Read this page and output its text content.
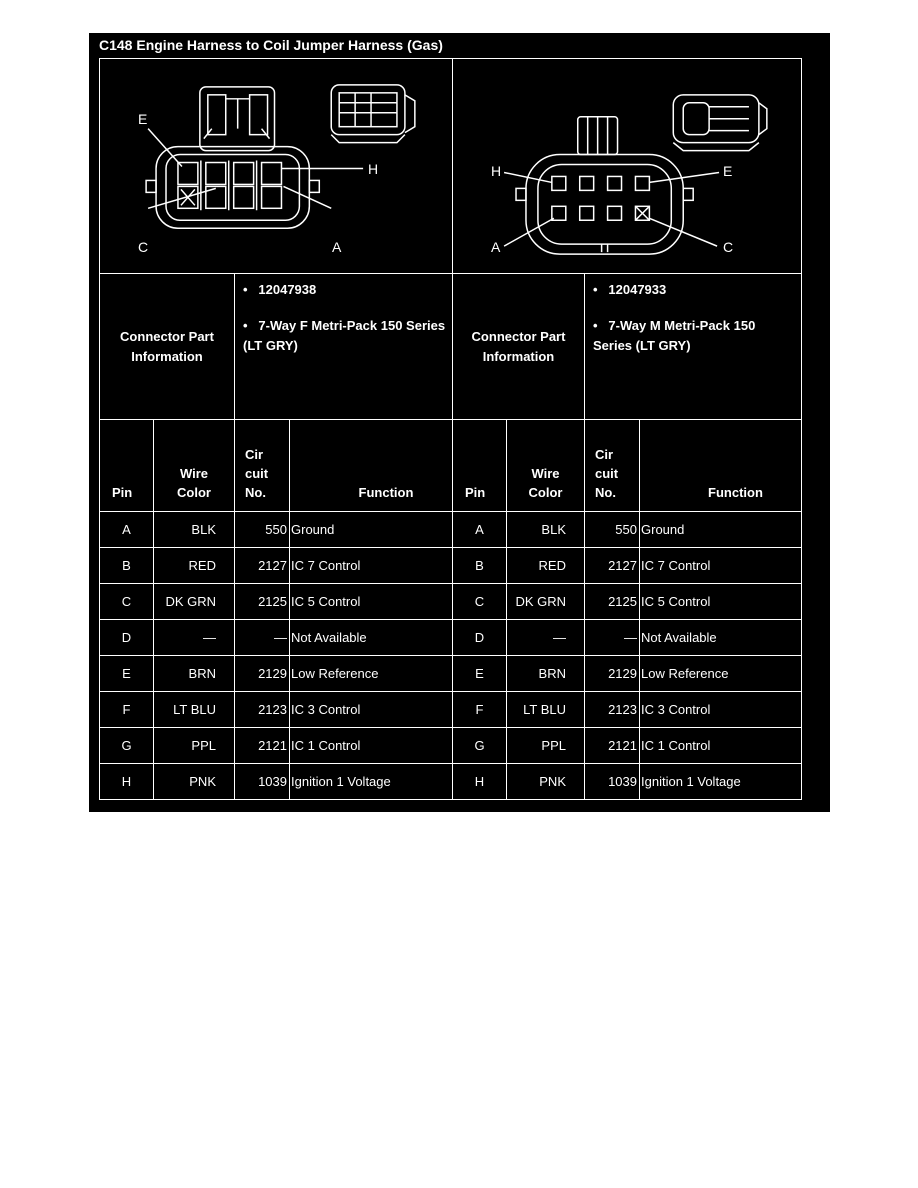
C148 Engine Harness to Coil Jumper Harness (Gas)
E
H
C	A
H	E
A	C
Connector Part Information
• 12047938
• 7-Way F Metri-Pack 150 Series (LT GRY)
Connector Part Information
• 12047933
• 7-Way M Metri-Pack 150 Series (LT GRY)
Pin
Wire
Color
Cir
cuit
No.	Function	Pin
Wire
Color
Cir
cuit
No.	Function
A	BLK	550 Ground	A	BLK	550 Ground
B	RED	2127 IC 7 Control	B	RED	2127 IC 7 Control
C	DK GRN	2125 IC 5 Control	C	DK GRN	2125 IC 5 Control
D	—	— Not Available	D	—	— Not Available
E	BRN	2129 Low Reference	E	BRN	2129 Low Reference
F	LT BLU	2123 IC 3 Control	F	LT BLU	2123 IC 3 Control
G	PPL	2121 IC 1 Control	G	PPL	2121 IC 1 Control
H	PNK	1039 Ignition 1 Voltage	H	PNK	1039 Ignition 1 Voltage
